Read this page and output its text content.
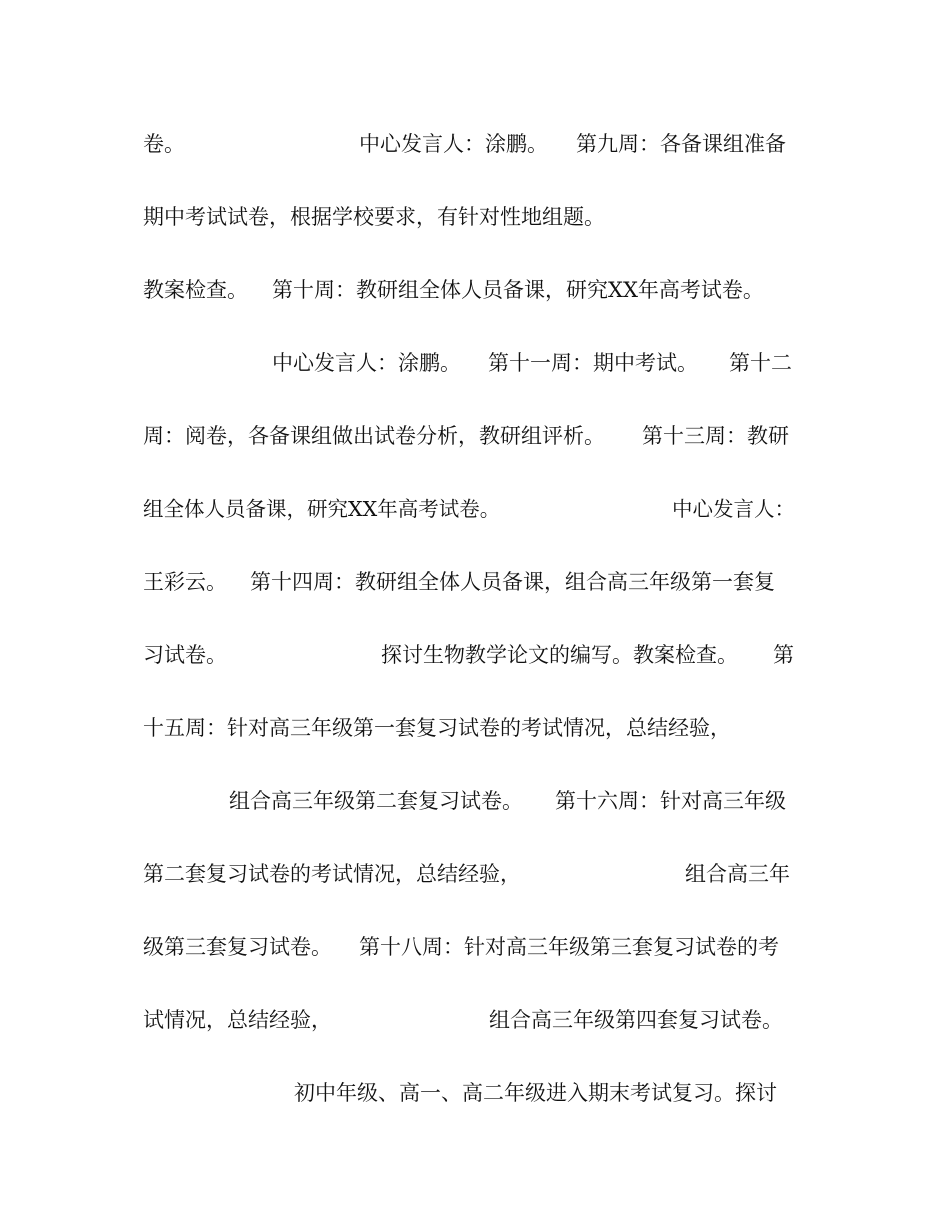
卷。

	中心发言人：涂鹏。

第九周：各备课组准备

期中考试试卷，根据学校要求，有针对性地组题。

教案检查。

第十周：教研组全体人员备课，研究XX年高考试卷。

中心发言人：涂鹏。

第十一周：期中考试。

第十二

周：阅卷，各备课组做出试卷分析，教研组评析。

第十三周：教研

组全体人员备课，研究XX年高考试卷。

	中心发言人：

王彩云。

第十四周：教研组全体人员备课，组合高三年级第一套复

习试卷。

	探讨生物教学论文的编写。教案检查。

第

十五周：针对高三年级第一套复习试卷的考试情况，总结经验，

组合高三年级第二套复习试卷。

第十六周：针对高三年级

第二套复习试卷的考试情况，总结经验，

	组合高三年

级第三套复习试卷。

第十八周：针对高三年级第三套复习试卷的考

试情况，总结经验，

	组合高三年级第四套复习试卷。

初中年级、高一、高二年级进入期末考试复习。探讨
